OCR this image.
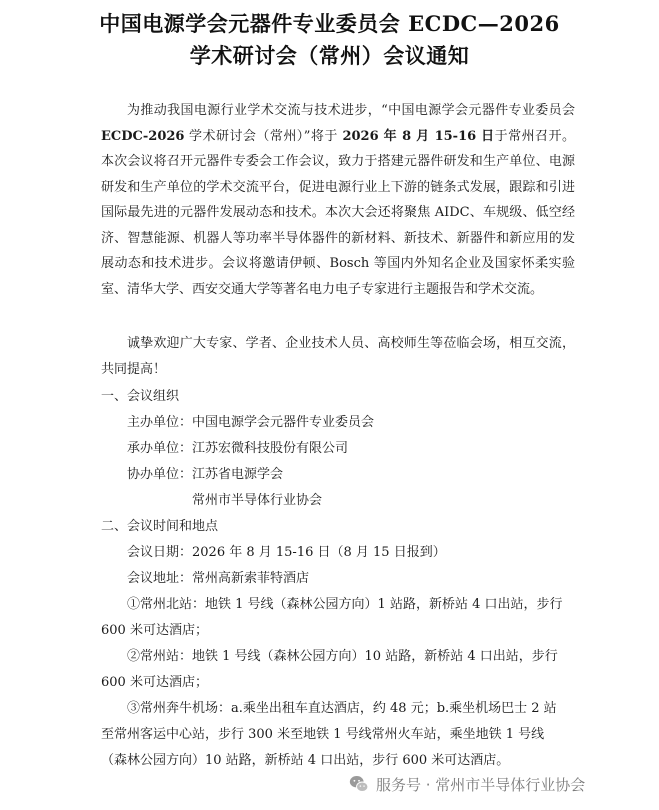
中国电源学会元器件专业委员会 ECDC—2026
学术研讨会（常州）会议通知

为推动我国电源行业学术交流与技术进步，“中国电源学会元器件专业委员会 ECDC-2026 学术研讨会（常州）”将于 2026 年 8 月 15-16 日于常州召开。本次会议将召开元器件专委会工作会议，致力于搭建元器件研发和生产单位、电源研发和生产单位的学术交流平台，促进电源行业上下游的链条式发展，跟踪和引进国际最先进的元器件发展动态和技术。本次大会还将聚焦 AIDC、车规级、低空经济、智慧能源、机器人等功率半导体器件的新材料、新技术、新器件和新应用的发展动态和技术进步。会议将邀请伊顿、Bosch 等国内外知名企业及国家怀柔实验室、清华大学、西安交通大学等著名电力电子专家进行主题报告和学术交流。

诚挚欢迎广大专家、学者、企业技术人员、高校师生等莅临会场，相互交流，共同提高！

一、会议组织

主办单位：中国电源学会元器件专业委员会

承办单位：江苏宏微科技股份有限公司

协办单位：江苏省电源学会

常州市半导体行业协会

二、会议时间和地点

会议日期：2026 年 8 月 15-16 日（8 月 15 日报到）

会议地址：常州高新索菲特酒店

①常州北站：地铁 1 号线（森林公园方向）1 站路，新桥站 4 口出站，步行

600 米可达酒店；

②常州站：地铁 1 号线（森林公园方向）10 站路，新桥站 4 口出站，步行

600 米可达酒店；

③常州奔牛机场：a.乘坐出租车直达酒店，约 48 元；b.乘坐机场巴士 2 站

至常州客运中心站，步行 300 米至地铁 1 号线常州火车站，乘坐地铁 1 号线

（森林公园方向）10 站路，新桥站 4 口出站，步行 600 米可达酒店。

服务号 · 常州市半导体行业协会
